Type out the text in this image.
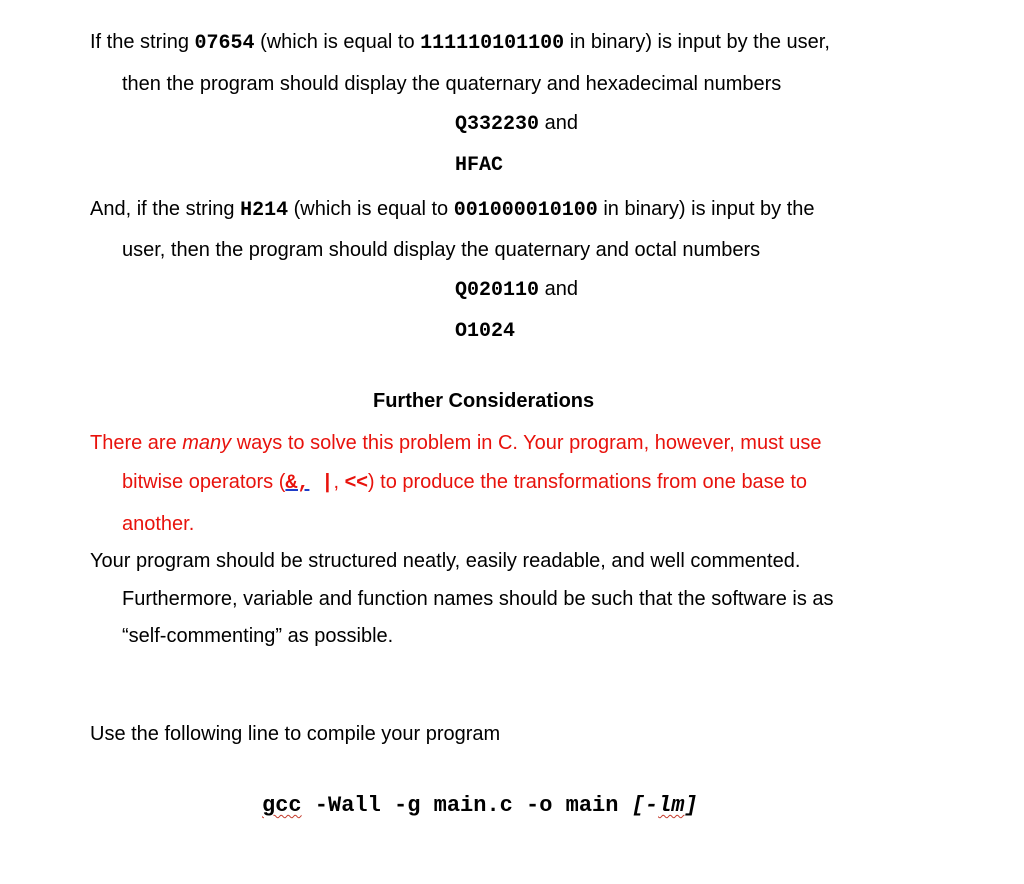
If the string 07654 (which is equal to 111110101100 in binary) is input by the user,
then the program should display the quaternary and hexadecimal numbers
Q332230 and
HFAC
And, if the string H214 (which is equal to 001000010100 in binary) is input by the
user, then the program should display the quaternary and octal numbers
Q020110 and
O1024
Further Considerations
There are many ways to solve this problem in C. Your program, however, must use
bitwise operators (&, |, <<) to produce the transformations from one base to
another.
Your program should be structured neatly, easily readable, and well commented.
Furthermore, variable and function names should be such that the software is as
“self-commenting” as possible.
Use the following line to compile your program
gcc -Wall -g main.c -o main [-lm]
